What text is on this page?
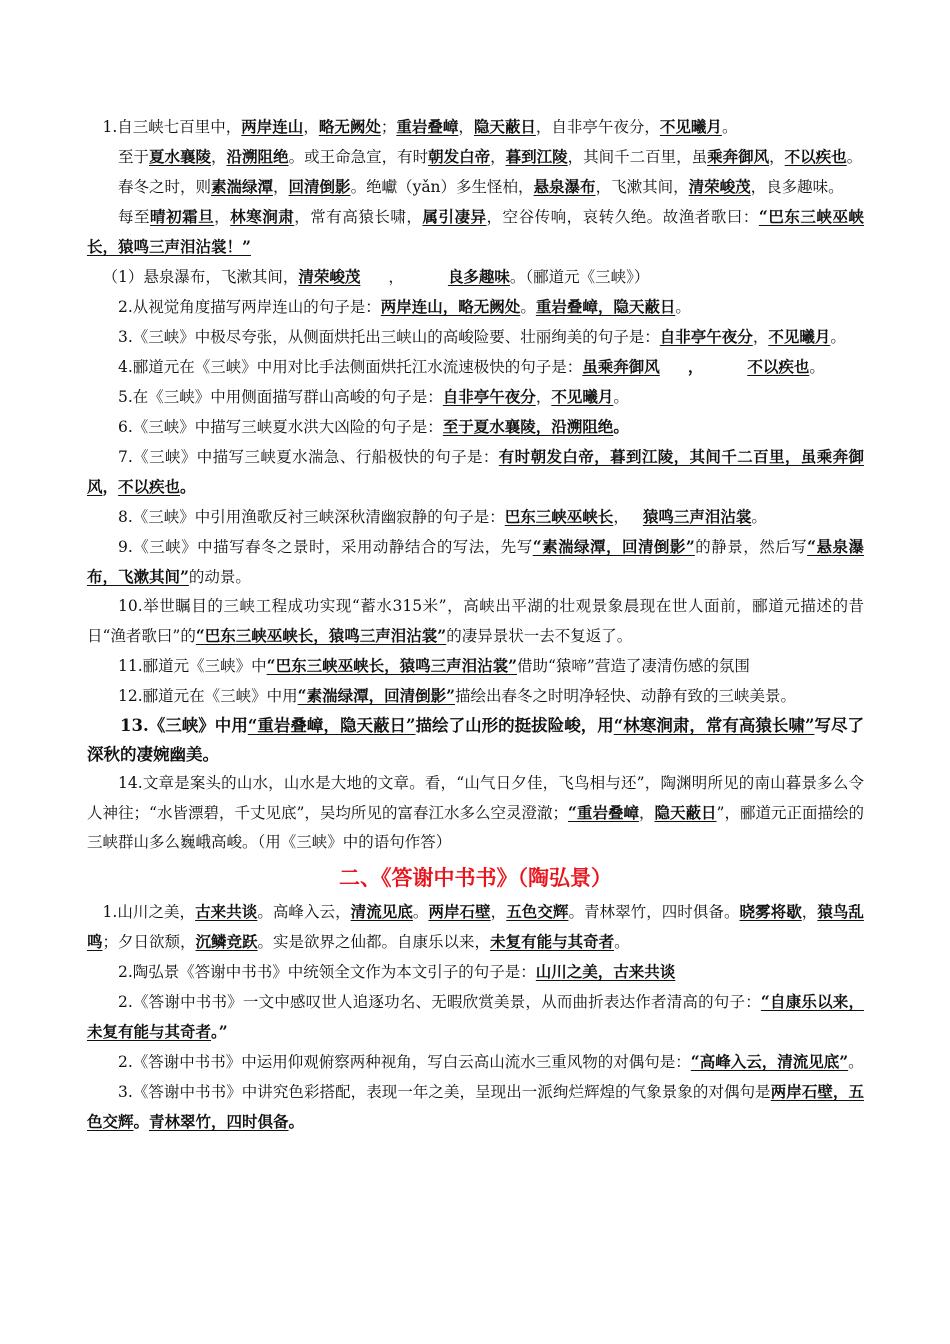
1.自三峡七百里中，两岸连山，略无阙处；重岩叠嶂，隐天蔽日，自非亭午夜分，不见曦月。

至于夏水襄陵，沿溯阻绝。或王命急宣，有时朝发白帝，暮到江陵，其间千二百里，虽乘奔御风，不以疾也。

春冬之时，则素湍绿潭，回清倒影。绝巘（yǎn）多生怪柏，悬泉瀑布，飞漱其间，清荣峻茂，良多趣味。

每至晴初霜旦，林寒涧肃，常有高猿长啸，属引凄异，空谷传响，哀转久绝。故渔者歌曰：“巴东三峡巫峡长，猿鸣三声泪沾裳！”

（1）悬泉瀑布，飞漱其间，清荣峻茂 ，	良多趣味。（郦道元《三峡》）

2.从视觉角度描写两岸连山的句子是：两岸连山，略无阙处。重岩叠嶂，隐天蔽日。

3.《三峡》中极尽夸张，从侧面烘托出三峡山的高峻险要、壮丽绚美的句子是：自非亭午夜分，不见曦月。

4.郦道元在《三峡》中用对比手法侧面烘托江水流速极快的句子是：虽乘奔御风 ，	不以疾也。

5.在《三峡》中用侧面描写群山高峻的句子是：自非亭午夜分，不见曦月。

6.《三峡》中描写三峡夏水洪大凶险的句子是：至于夏水襄陵，沿溯阻绝。

7.《三峡》中描写三峡夏水湍急、行船极快的句子是：有时朝发白帝，暮到江陵，其间千二百里，虽乘奔御风，不以疾也。

8.《三峡》中引用渔歌反衬三峡深秋清幽寂静的句子是：巴东三峡巫峡长， 猿鸣三声泪沾裳。

9.《三峡》中描写春冬之景时，采用动静结合的写法，先写“素湍绿潭，回清倒影”的静景，然后写“悬泉瀑布，飞漱其间”的动景。

10.举世瞩目的三峡工程成功实现“蓄水315米”，高峡出平湖的壮观景象晨现在世人面前，郦道元描述的昔日“渔者歌曰”的“巴东三峡巫峡长，猿鸣三声泪沾裳”的凄异景状一去不复返了。

11.郦道元《三峡》中“巴东三峡巫峡长，猿鸣三声泪沾裳”借助“猿啼”营造了凄清伤感的氛围

12.郦道元在《三峡》中用“素湍绿潭，回清倒影”描绘出春冬之时明净轻快、动静有致的三峡美景。

13.《三峡》中用“重岩叠嶂，隐天蔽日”描绘了山形的挺拔险峻，用“林寒涧肃，常有高猿长啸”写尽了深秋的凄婉幽美。

14.文章是案头的山水，山水是大地的文章。看，“山气日夕佳，飞鸟相与还”，陶渊明所见的南山暮景多么令人神往；“水皆漂碧，千丈见底”，吴均所见的富春江水多么空灵澄澈；“重岩叠嶂，隐天蔽日”，郦道元正面描绘的三峡群山多么巍峨高峻。（用《三峡》中的语句作答）

二、《答谢中书书》（陶弘景）

1.山川之美，古来共谈。高峰入云，清流见底。两岸石壁，五色交辉。青林翠竹，四时俱备。晓雾将歇，猿鸟乱鸣；夕日欲颓，沉鳞竞跃。实是欲界之仙都。自康乐以来，未复有能与其奇者。

2.陶弘景《答谢中书书》中统领全文作为本文引子的句子是：山川之美，古来共谈

2.《答谢中书书》一文中感叹世人追逐功名、无暇欣赏美景，从而曲折表达作者清高的句子：“自康乐以来，未复有能与其奇者。”

2.《答谢中书书》中运用仰观俯察两种视角，写白云高山流水三重风物的对偶句是：“高峰入云，清流见底”。

3.《答谢中书书》中讲究色彩搭配，表现一年之美，呈现出一派绚烂辉煌的气象景象的对偶句是两岸石壁，五色交辉。青林翠竹，四时俱备。
